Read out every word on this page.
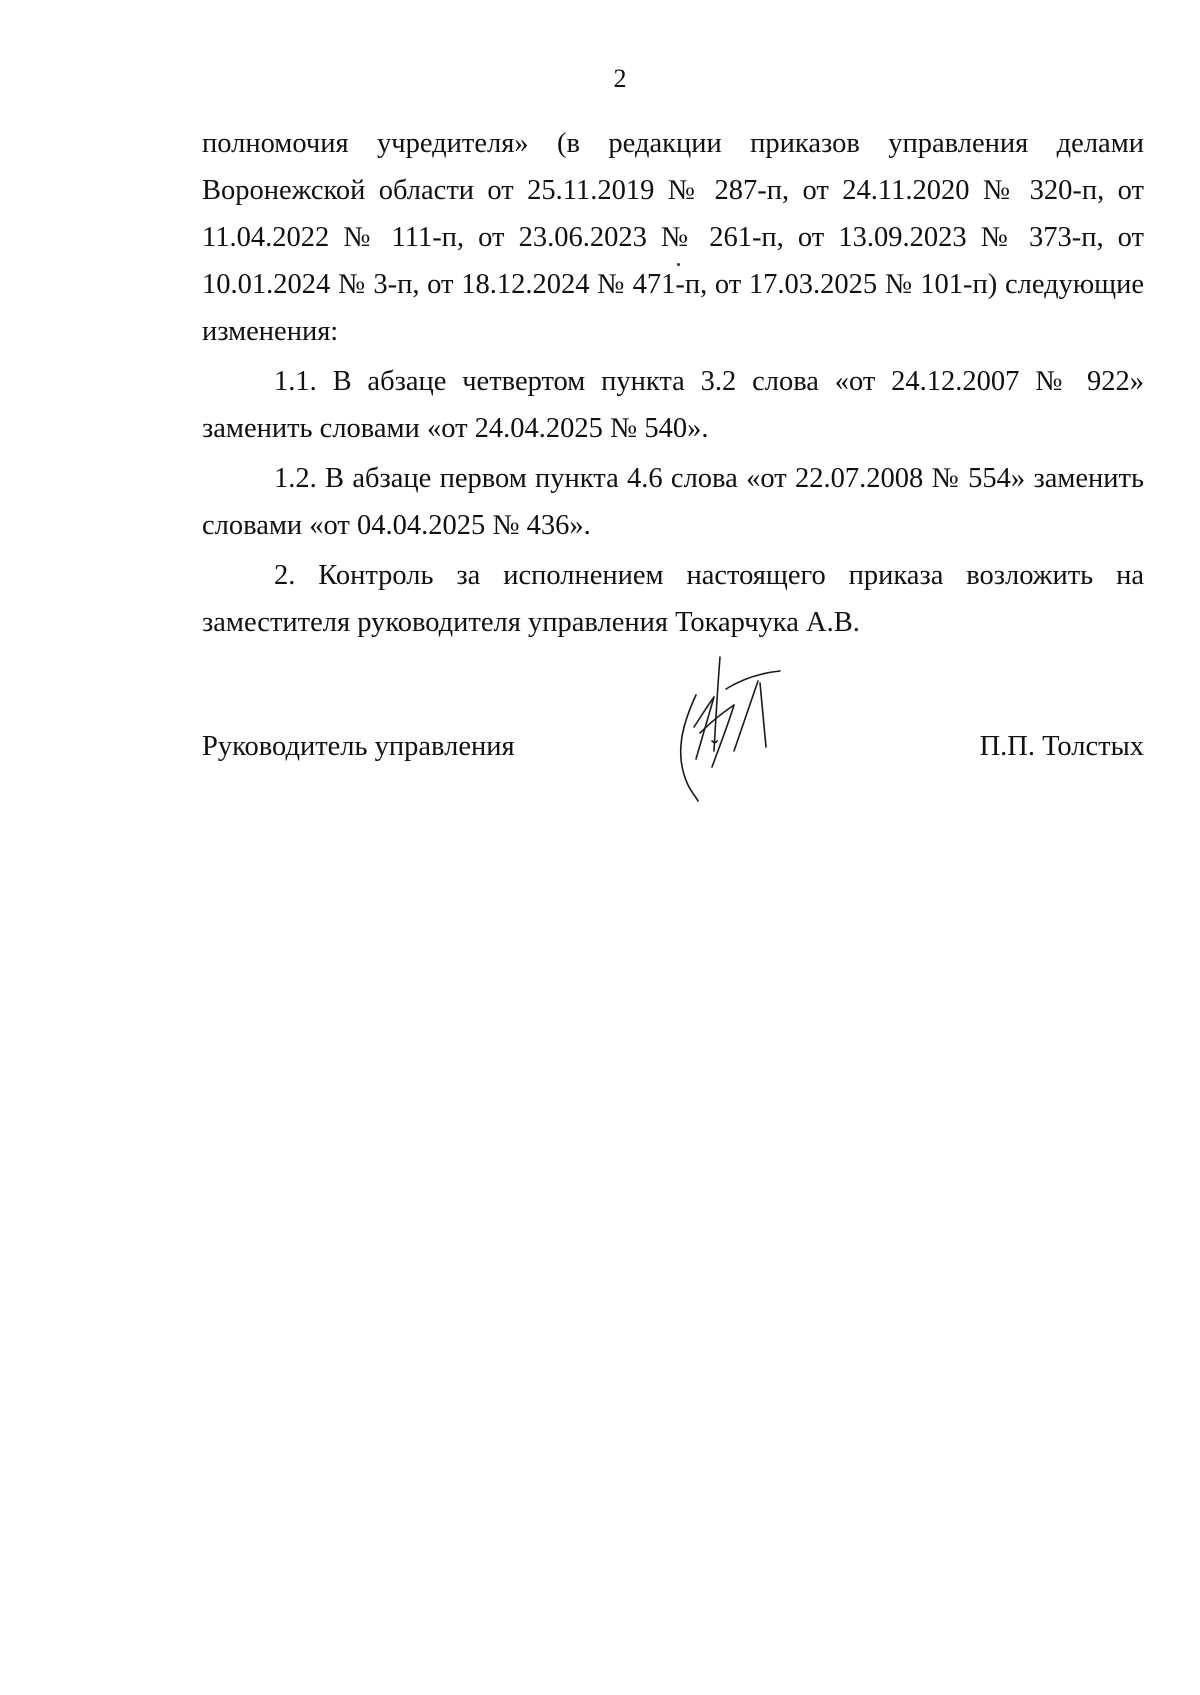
2

полномочия учредителя» (в редакции приказов управления делами
Воронежской области от 25.11.2019 № 287-п, от 24.11.2020 № 320-п, от
11.04.2022 № 111-п, от 23.06.2023 № 261-п, от 13.09.2023 № 373-п, от
10.01.2024 № 3-п, от 18.12.2024 № 471-п, от 17.03.2025 № 101-п) следующие
изменения:

1.1. В абзаце четвертом пункта 3.2 слова «от 24.12.2007 № 922»
заменить словами «от 24.04.2025 № 540».

1.2. В абзаце первом пункта 4.6 слова «от 22.07.2008 № 554» заменить
словами «от 04.04.2025 № 436».

2. Контроль за исполнением настоящего приказа возложить на
заместителя руководителя управления Токарчука А.В.

Руководитель управления	П.П. Толстых
